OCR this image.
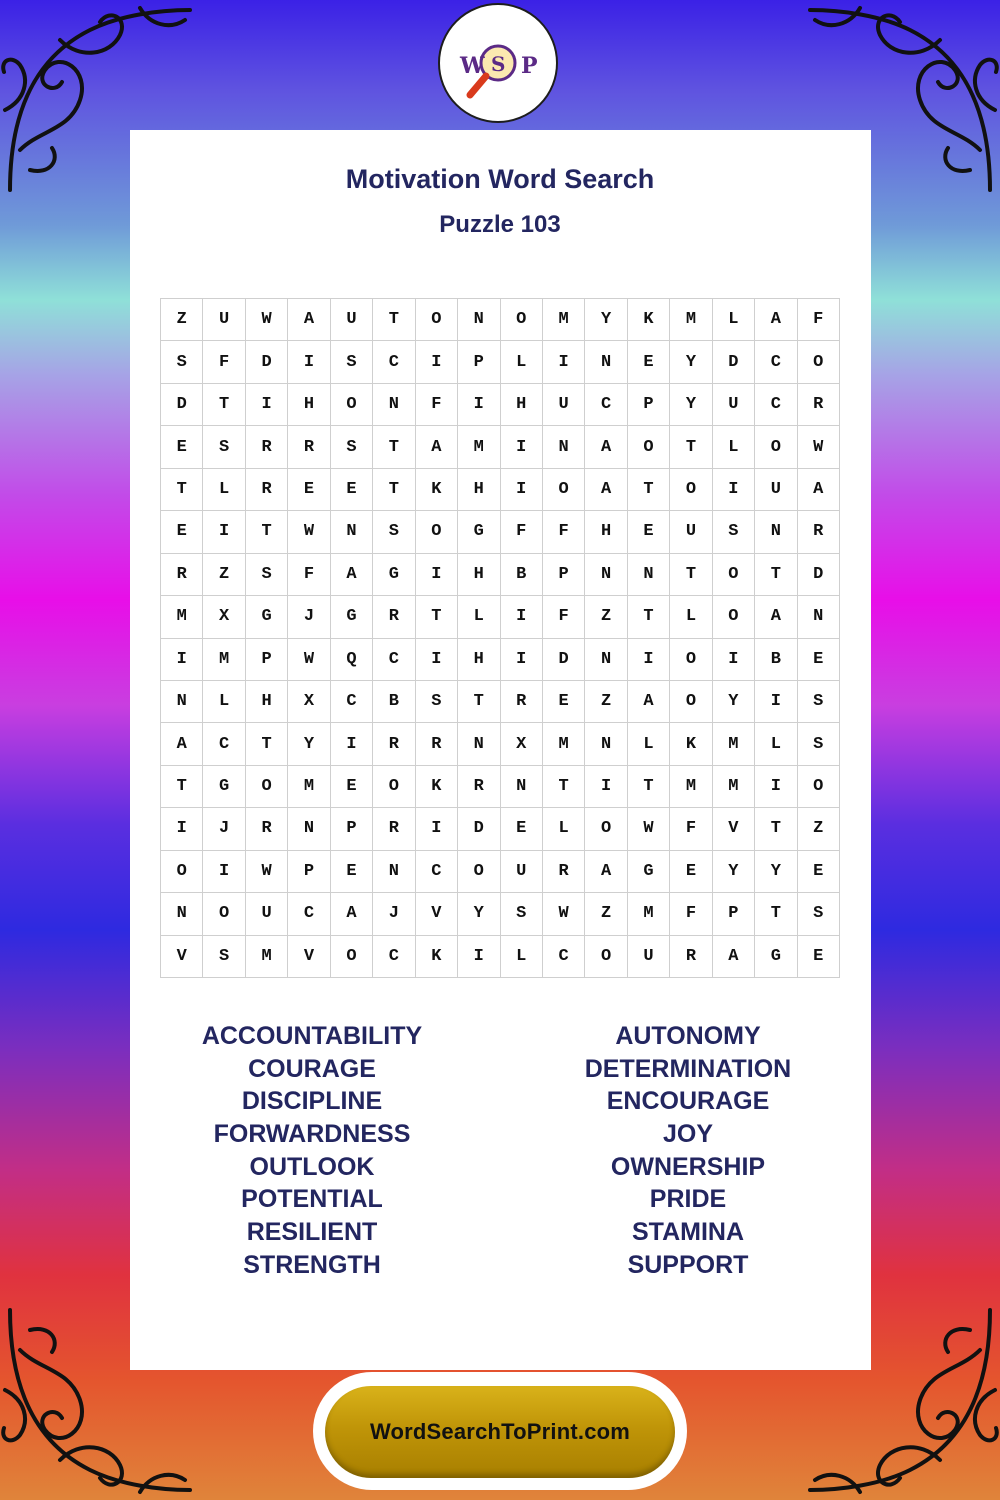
W S P
Motivation Word Search
Puzzle 103
Z	U	W	A	U	T	O	N	O	M	Y	K	M	L	A	F
S	F	D	I	S	C	I	P	L	I	N	E	Y	D	C	O
D	T	I	H	O	N	F	I	H	U	C	P	Y	U	C	R
E	S	R	R	S	T	A	M	I	N	A	O	T	L	O	W
T	L	R	E	E	T	K	H	I	O	A	T	O	I	U	A
E	I	T	W	N	S	O	G	F	F	H	E	U	S	N	R
R	Z	S	F	A	G	I	H	B	P	N	N	T	O	T	D
M	X	G	J	G	R	T	L	I	F	Z	T	L	O	A	N
I	M	P	W	Q	C	I	H	I	D	N	I	O	I	B	E
N	L	H	X	C	B	S	T	R	E	Z	A	O	Y	I	S
A	C	T	Y	I	R	R	N	X	M	N	L	K	M	L	S
T	G	O	M	E	O	K	R	N	T	I	T	M	M	I	O
I	J	R	N	P	R	I	D	E	L	O	W	F	V	T	Z
O	I	W	P	E	N	C	O	U	R	A	G	E	Y	Y	E
N	O	U	C	A	J	V	Y	S	W	Z	M	F	P	T	S
V	S	M	V	O	C	K	I	L	C	O	U	R	A	G	E
ACCOUNTABILITY
COURAGE
DISCIPLINE
FORWARDNESS
OUTLOOK
POTENTIAL
RESILIENT
STRENGTH
AUTONOMY
DETERMINATION
ENCOURAGE
JOY
OWNERSHIP
PRIDE
STAMINA
SUPPORT
WordSearchToPrint.com
